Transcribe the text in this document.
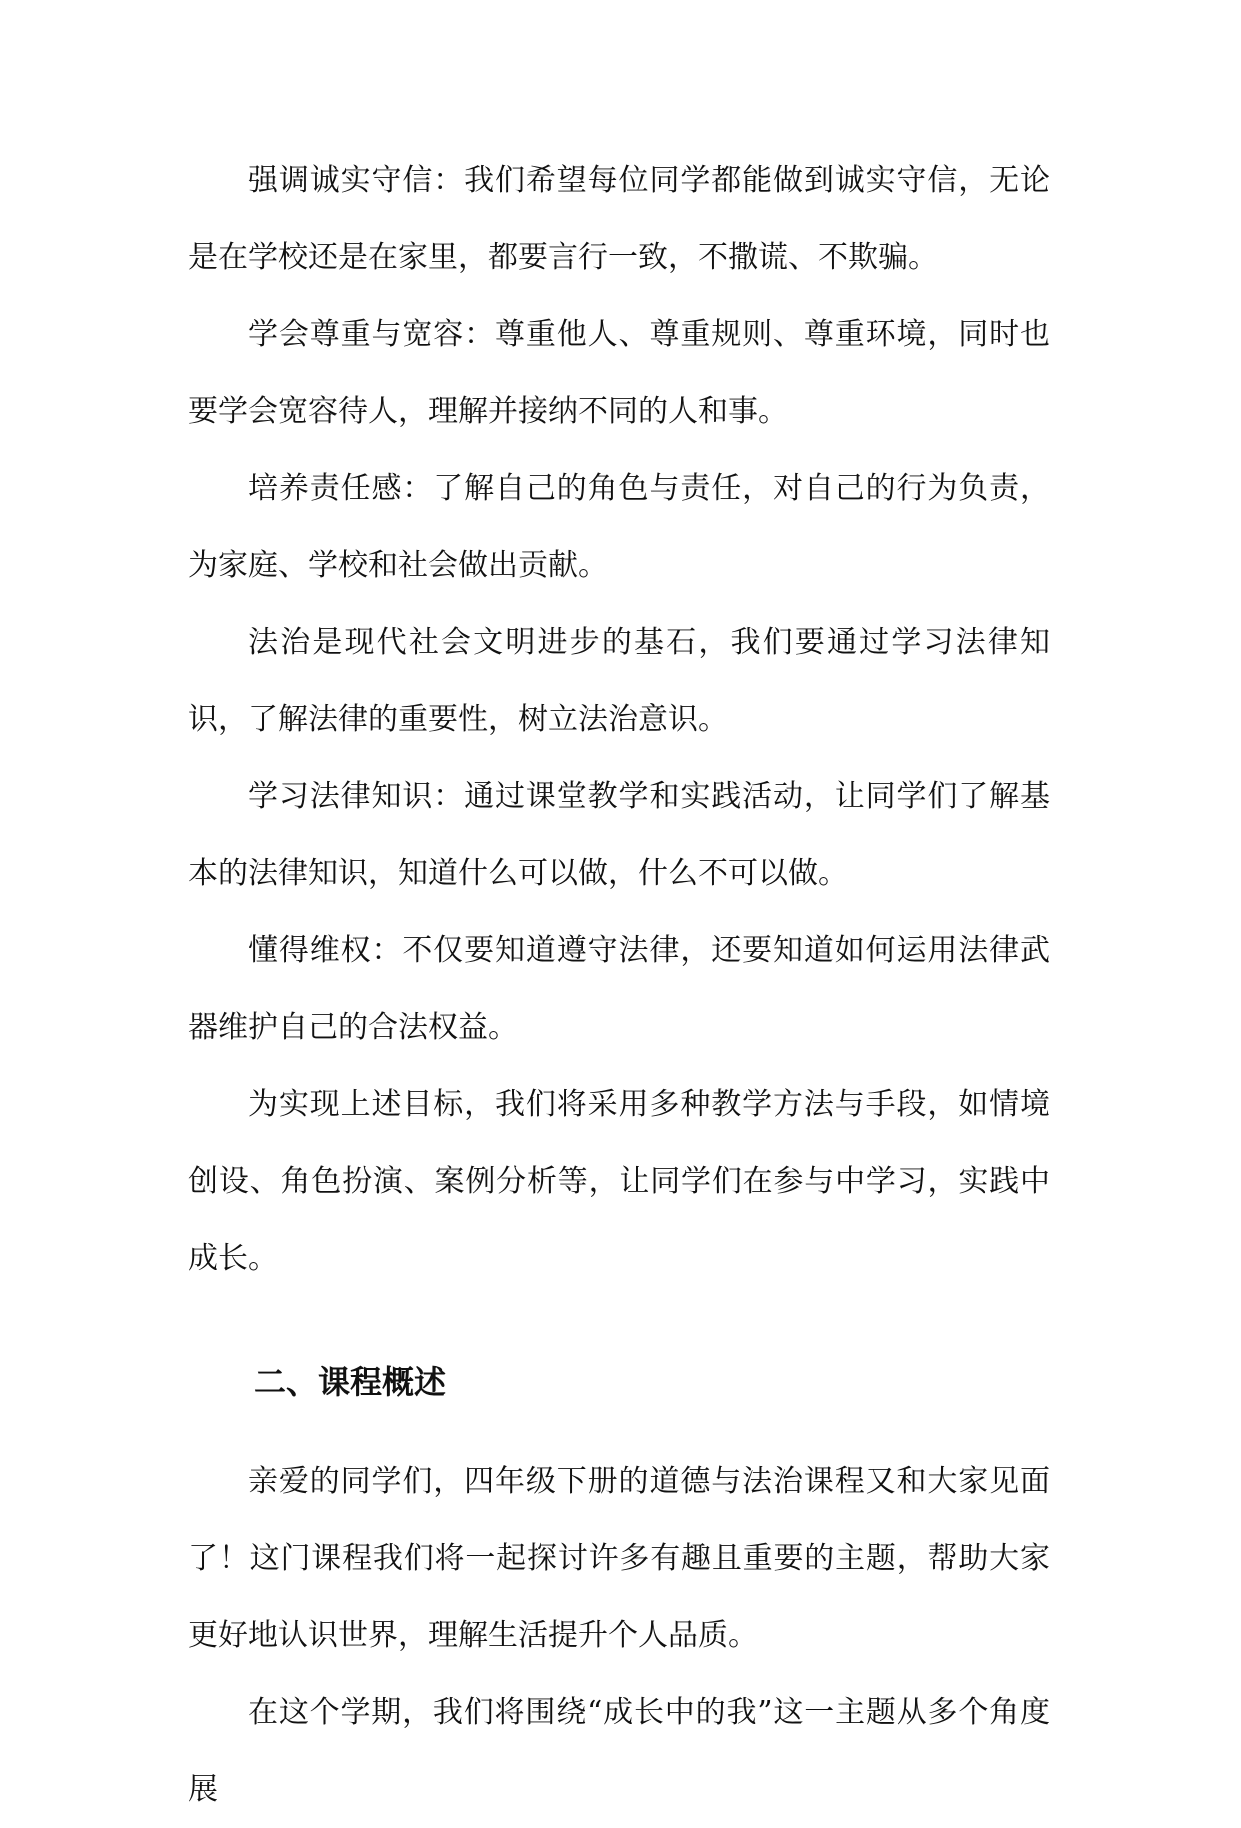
强调诚实守信：我们希望每位同学都能做到诚实守信，无论是在学校还是在家里，都要言行一致，不撒谎、不欺骗。

学会尊重与宽容：尊重他人、尊重规则、尊重环境，同时也要学会宽容待人，理解并接纳不同的人和事。

培养责任感：了解自己的角色与责任，对自己的行为负责，为家庭、学校和社会做出贡献。

法治是现代社会文明进步的基石，我们要通过学习法律知识，了解法律的重要性，树立法治意识。

学习法律知识：通过课堂教学和实践活动，让同学们了解基本的法律知识，知道什么可以做，什么不可以做。

懂得维权：不仅要知道遵守法律，还要知道如何运用法律武器维护自己的合法权益。

为实现上述目标，我们将采用多种教学方法与手段，如情境创设、角色扮演、案例分析等，让同学们在参与中学习，实践中成长。

二、课程概述

亲爱的同学们，四年级下册的道德与法治课程又和大家见面了！这门课程我们将一起探讨许多有趣且重要的主题，帮助大家更好地认识世界，理解生活提升个人品质。

在这个学期，我们将围绕“成长中的我”这一主题从多个角度展
